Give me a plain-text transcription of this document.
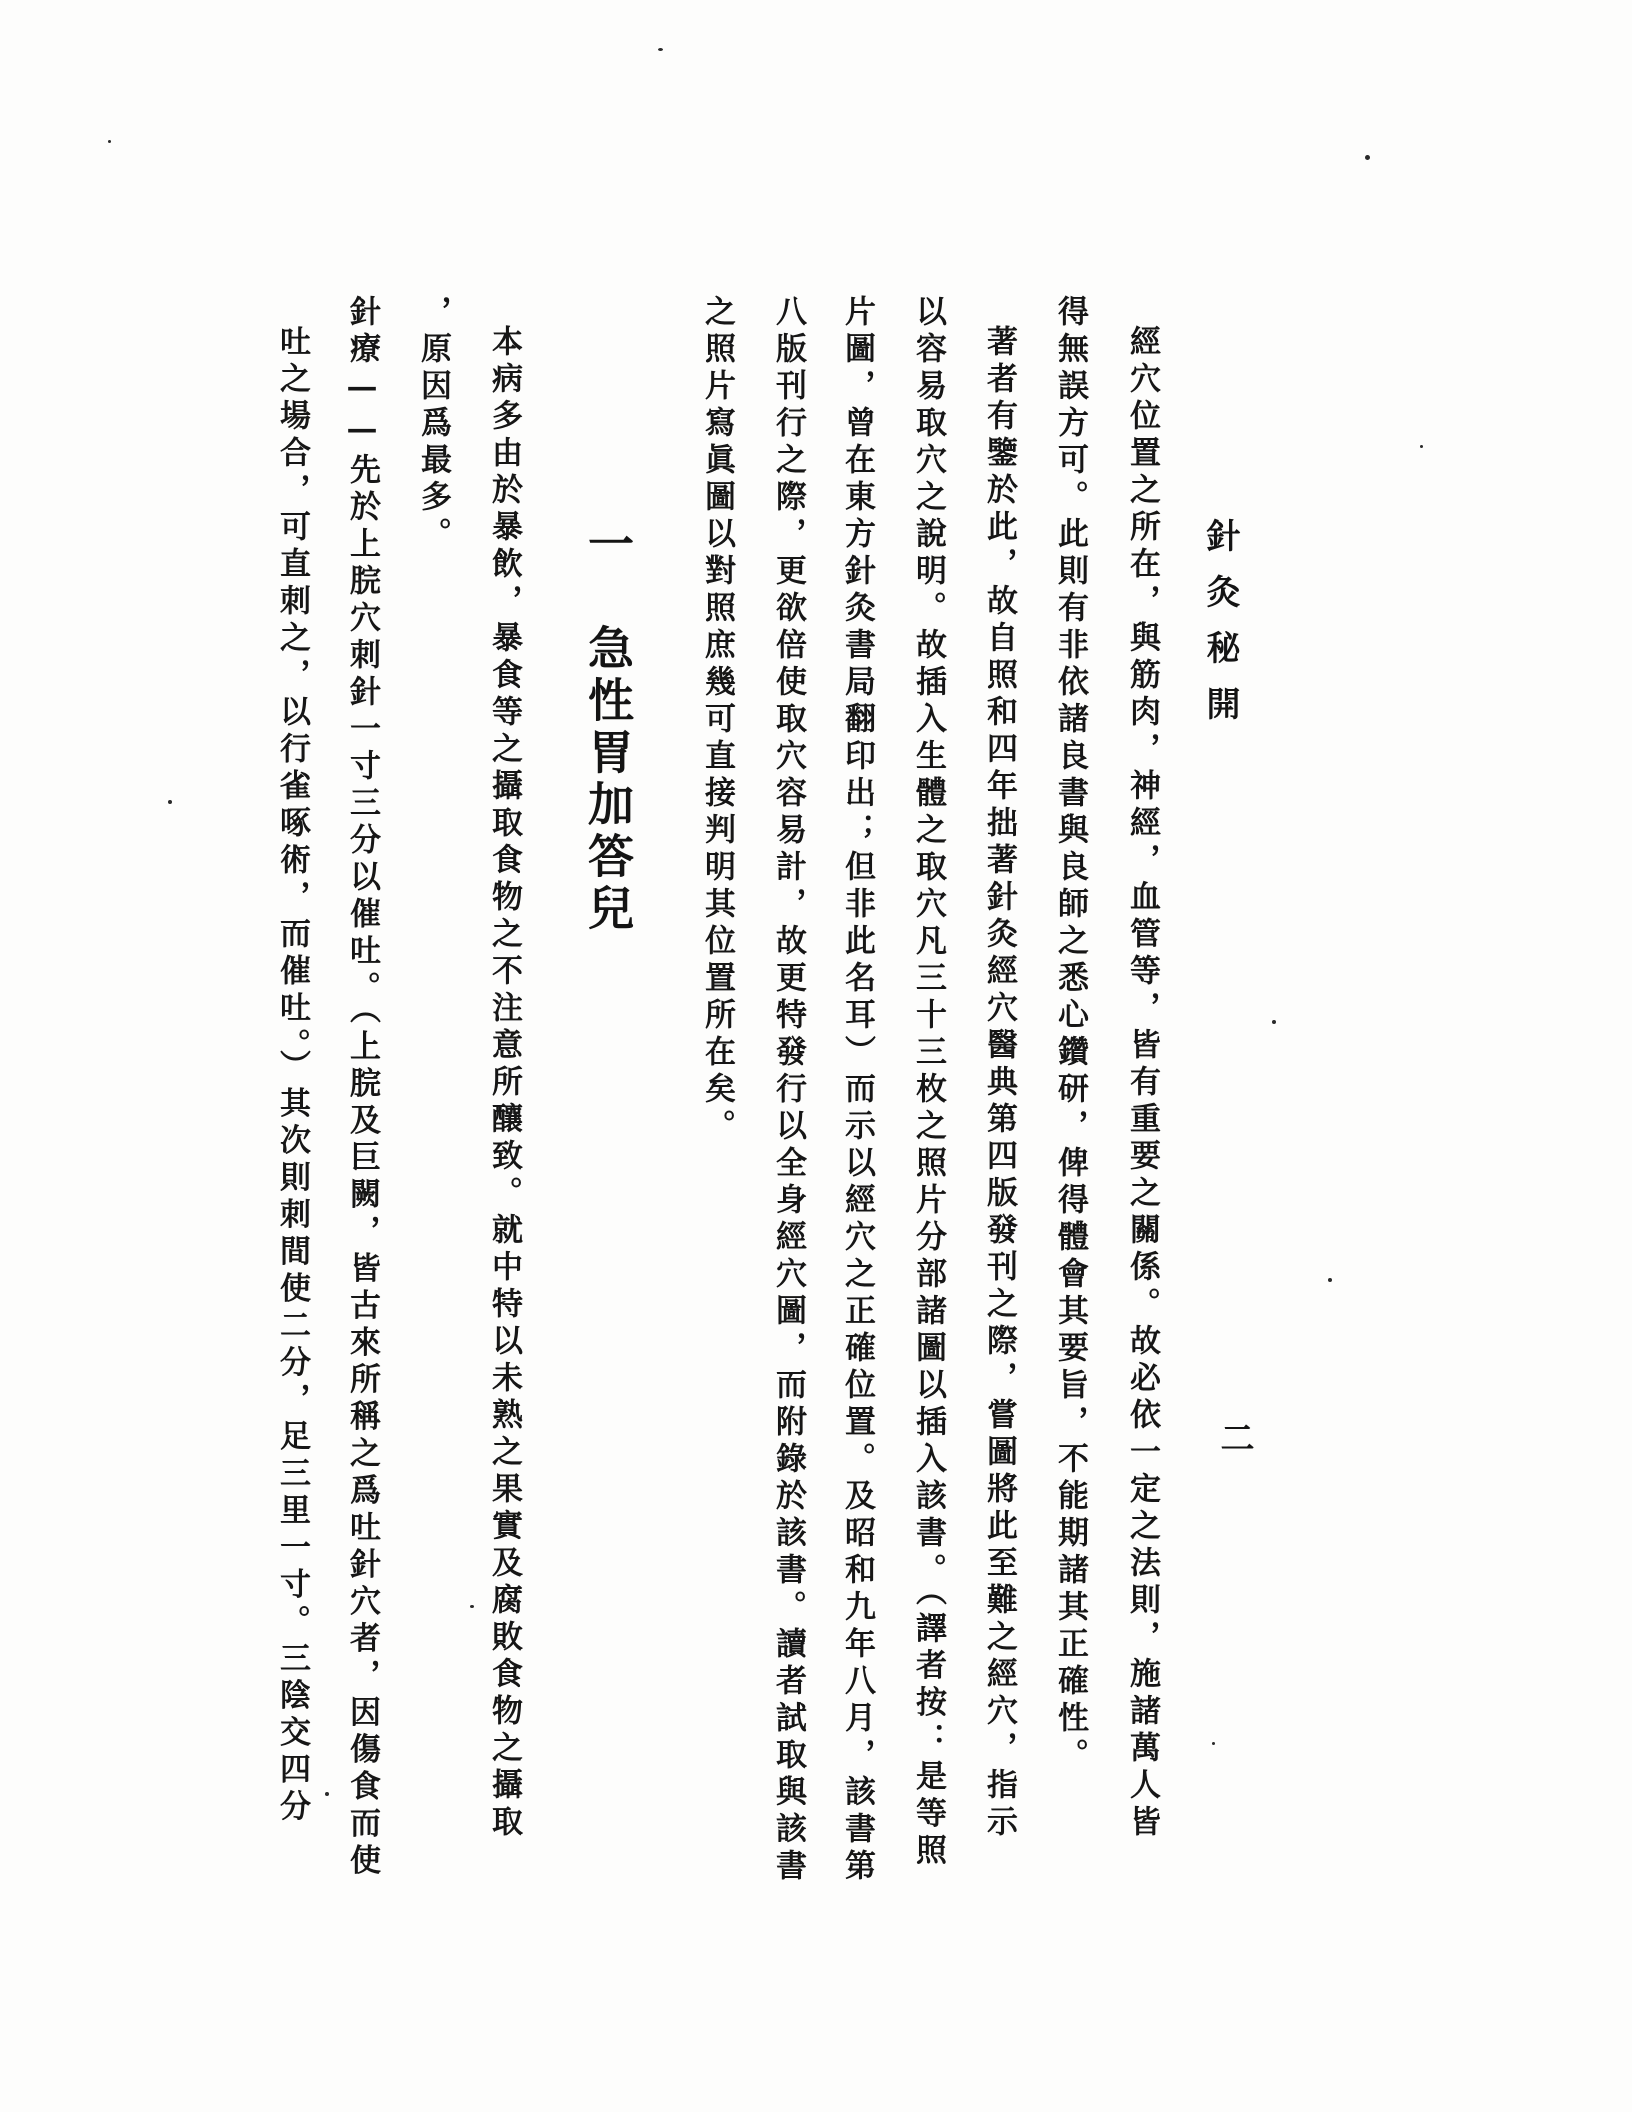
針灸秘開
二
經穴位置之所在，與筋肉，神經，血管等，皆有重要之關係。故必依一定之法則，施諸萬人皆
得無誤方可。此則有非依諸良書與良師之悉心鑽研，俾得體會其要旨，不能期諸其正確性。
著者有鑒於此，故自照和四年拙著針灸經穴醫典第四版發刊之際，嘗圖將此至難之經穴，指示
以容易取穴之說明。故插入生體之取穴凡三十三枚之照片分部諸圖以插入該書。（譯者按：是等照
片圖，曾在東方針灸書局翻印出；但非此名耳）而示以經穴之正確位置。及昭和九年八月，該書第
八版刊行之際，更欲倍使取穴容易計，故更特發行以全身經穴圖，而附錄於該書。讀者試取與該書
之照片寫眞圖以對照庶幾可直接判明其位置所在矣。
一　急性胃加答兒
本病多由於暴飲，暴食等之攝取食物之不注意所釀致。就中特以未熟之果實及腐敗食物之攝取
，原因爲最多。
針療——先於上脘穴刺針一寸三分以催吐。（上脘及巨闕，皆古來所稱之爲吐針穴者，因傷食而使
吐之場合，可直刺之，以行雀啄術，而催吐。）其次則刺間使二分，足三里一寸。三陰交四分
